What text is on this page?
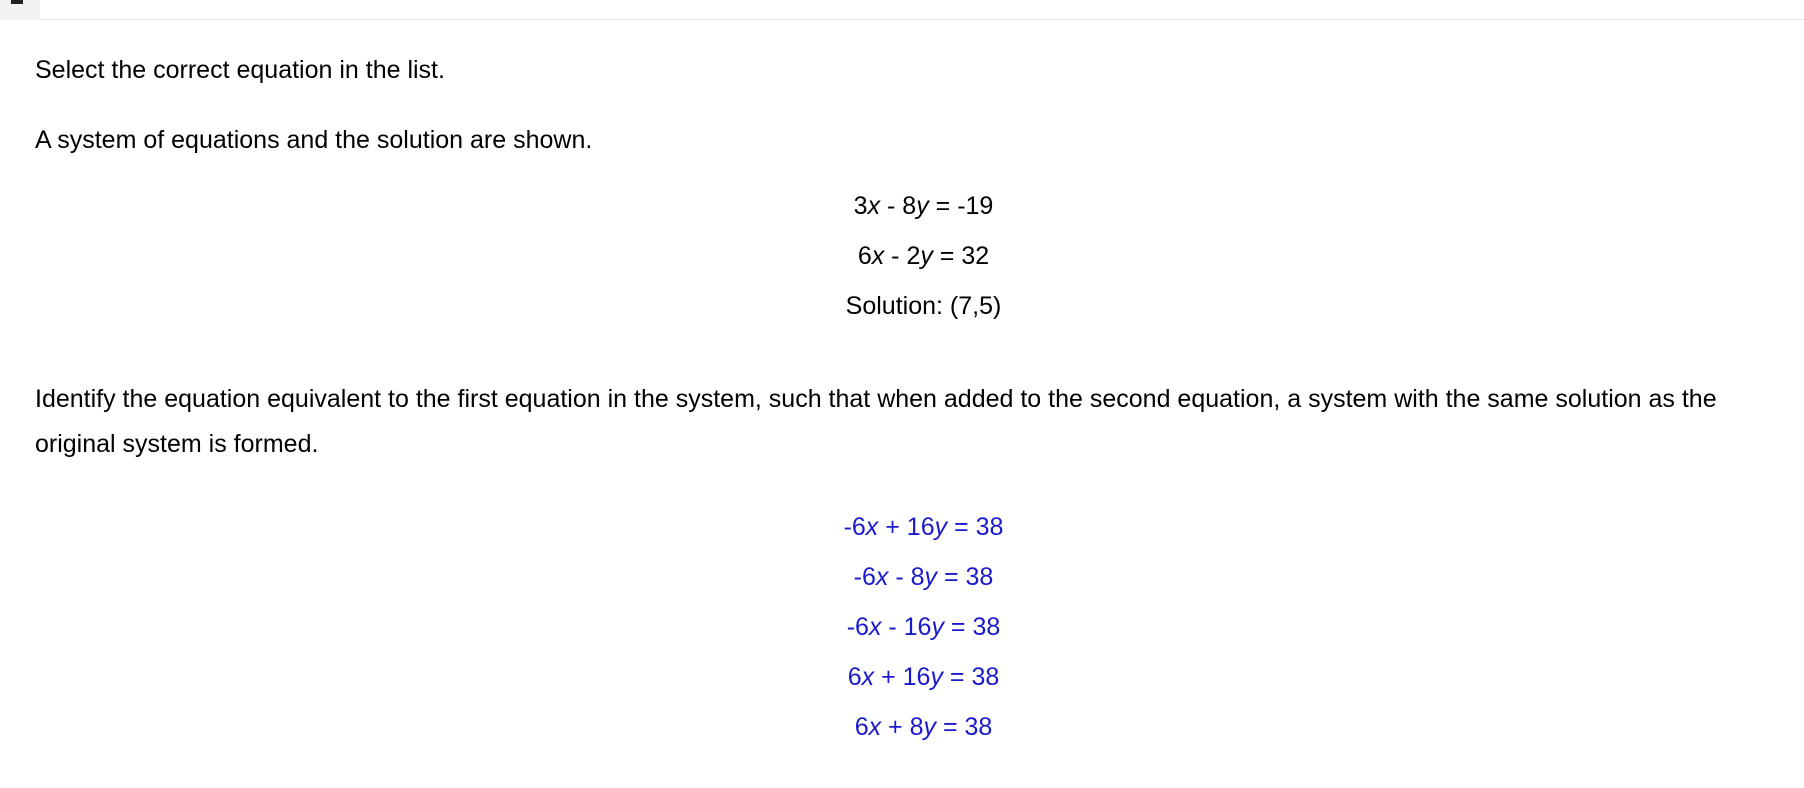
Select the correct equation in the list.

A system of equations and the solution are shown.

3x - 8y = -19
6x - 2y = 32
Solution: (7,5)

Identify the equation equivalent to the first equation in the system, such that when added to the second equation, a system with the same solution as the original system is formed.

-6x + 16y = 38
-6x - 8y = 38
-6x - 16y = 38
6x + 16y = 38
6x + 8y = 38
